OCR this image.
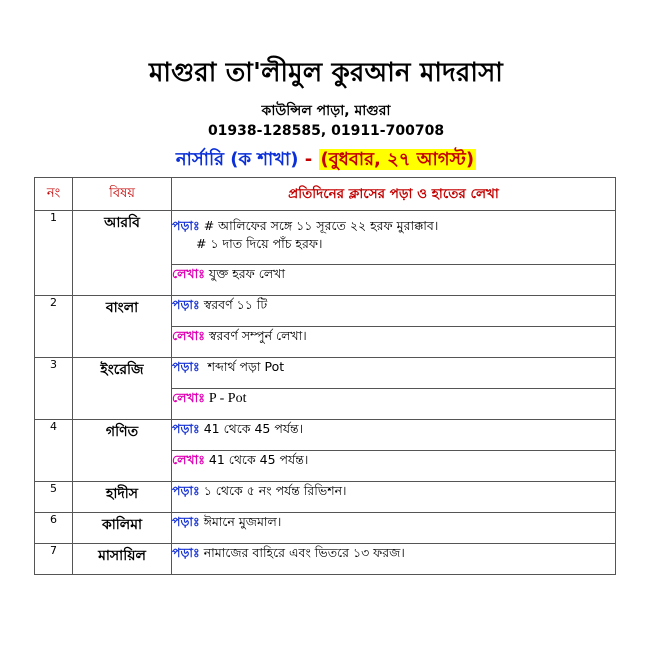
মাগুরা তা'লীমুল কুরআন মাদরাসা
কাউন্সিল পাড়া, মাগুরা
01938-128585, 01911-700708
নার্সারি (ক শাখা) - (বুধবার, ২৭ আগস্ট)
নং	বিষয়	প্রতিদিনের ক্লাসের পড়া ও হাতের লেখা
1	আরবি	পড়াঃ # আলিফের সঙ্গে ১১ সূরতে ২২ হরফ মুরাক্কাব।
# ১ দাত দিয়ে পাঁচ হরফ।
		লেখাঃ যুক্ত হরফ লেখা
2	বাংলা	পড়াঃ স্বরবর্ণ ১১ টি
		লেখাঃ স্বরবর্ণ সম্পুর্ন লেখা।
3	ইংরেজি	পড়াঃ  শব্দার্থ পড়া Pot
		লেখাঃ P - Pot
4	গণিত	পড়াঃ 41 থেকে 45 পর্যন্ত।
		লেখাঃ 41 থেকে 45 পর্যন্ত।
5	হাদীস	পড়াঃ ১ থেকে ৫ নং পর্যন্ত রিভিশন।
6	কালিমা	পড়াঃ ঈমানে মুজমাল।
7	মাসায়িল	পড়াঃ নামাজের বাহিরে এবং ভিতরে ১৩ ফরজ।
